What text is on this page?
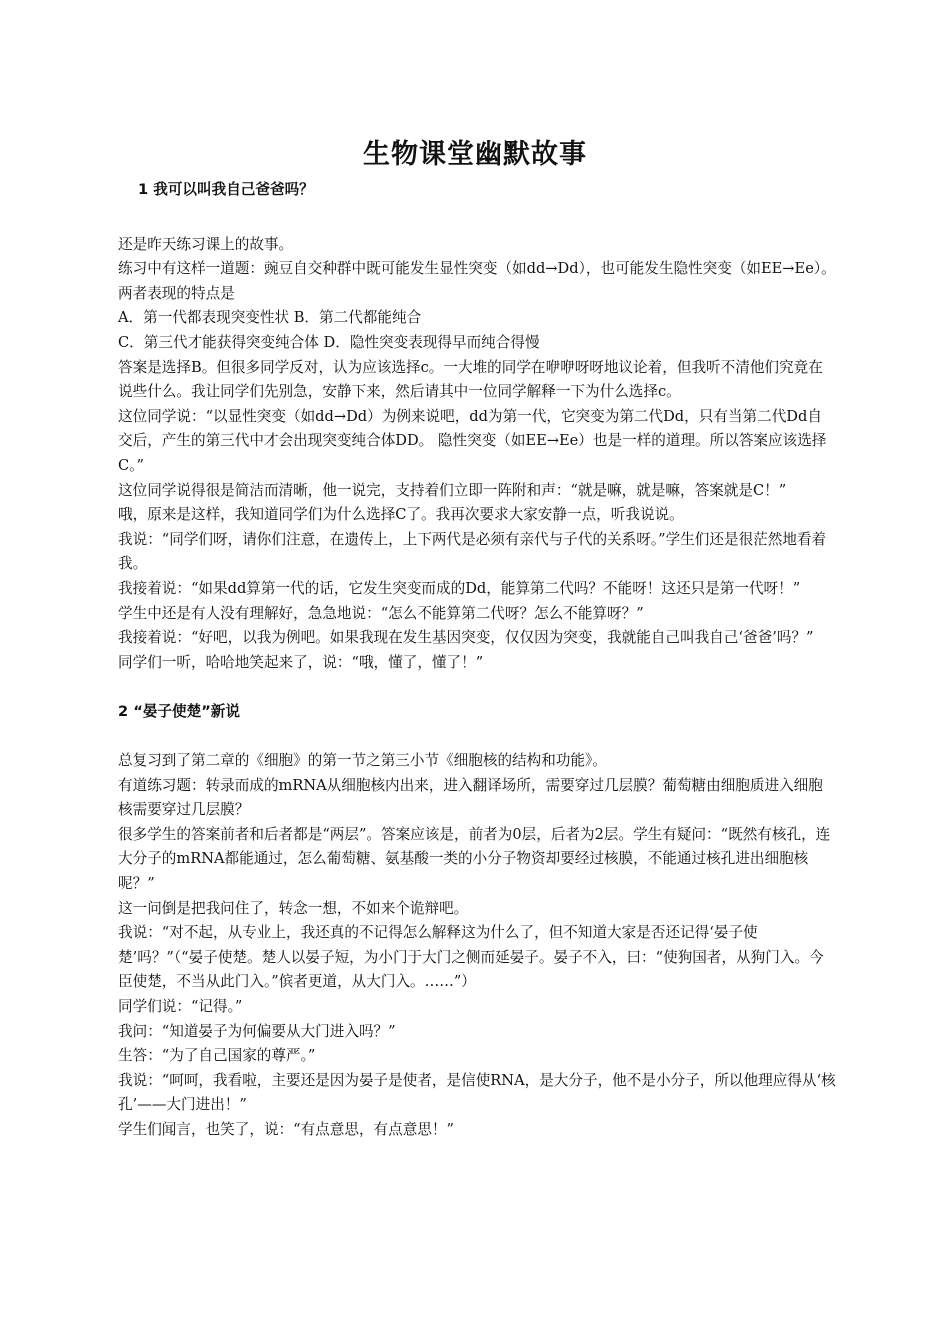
生物课堂幽默故事

1 我可以叫我自己爸爸吗？

还是昨天练习课上的故事。

练习中有这样一道题：豌豆自交种群中既可能发生显性突变（如dd→Dd），也可能发生隐性突变（如EE→Ee）。两者表现的特点是

A．第一代都表现突变性状 B．第二代都能纯合

C．第三代才能获得突变纯合体 D．隐性突变表现得早而纯合得慢

答案是选择B。但很多同学反对，认为应该选择c。一大堆的同学在咿咿呀呀地议论着，但我听不清他们究竟在说些什么。我让同学们先别急，安静下来，然后请其中一位同学解释一下为什么选择c。

这位同学说：“以显性突变（如dd→Dd）为例来说吧，dd为第一代，它突变为第二代Dd，只有当第二代Dd自交后，产生的第三代中才会出现突变纯合体DD。 隐性突变（如EE→Ee）也是一样的道理。所以答案应该选择C。”

这位同学说得很是简洁而清晰，他一说完，支持着们立即一阵附和声：“就是嘛，就是嘛，答案就是C！”

哦，原来是这样，我知道同学们为什么选择C了。我再次要求大家安静一点，听我说说。

我说：“同学们呀，请你们注意，在遗传上，上下两代是必须有亲代与子代的关系呀。”学生们还是很茫然地看着我。

我接着说：“如果dd算第一代的话，它发生突变而成的Dd，能算第二代吗？不能呀！这还只是第一代呀！”

学生中还是有人没有理解好，急急地说：“怎么不能算第二代呀？怎么不能算呀？”

我接着说：“好吧，以我为例吧。如果我现在发生基因突变，仅仅因为突变，我就能自己叫我自己‘爸爸’吗？”

同学们一听，哈哈地笑起来了，说：“哦，懂了，懂了！”

2 “晏子使楚”新说

总复习到了第二章的《细胞》的第一节之第三小节《细胞核的结构和功能》。

有道练习题：转录而成的mRNA从细胞核内出来，进入翻译场所，需要穿过几层膜？葡萄糖由细胞质进入细胞核需要穿过几层膜？

很多学生的答案前者和后者都是“两层”。答案应该是，前者为0层，后者为2层。学生有疑问：“既然有核孔，连大分子的mRNA都能通过，怎么葡萄糖、氨基酸一类的小分子物资却要经过核膜，不能通过核孔进出细胞核呢？”

这一问倒是把我问住了，转念一想，不如来个诡辩吧。

我说：“对不起，从专业上，我还真的不记得怎么解释这为什么了，但不知道大家是否还记得‘晏子使楚’吗？”（“晏子使楚。楚人以晏子短，为小门于大门之侧而延晏子。晏子不入，曰：“使狗国者，从狗门入。今臣使楚，不当从此门入。”傧者更道，从大门入。……”）

同学们说：“记得。”

我问：“知道晏子为何偏要从大门进入吗？”

生答：“为了自己国家的尊严。”

我说：“呵呵，我看啦，主要还是因为晏子是使者，是信使RNA，是大分子，他不是小分子，所以他理应得从‘核孔’——大门进出！”

学生们闻言，也笑了，说：“有点意思，有点意思！”
